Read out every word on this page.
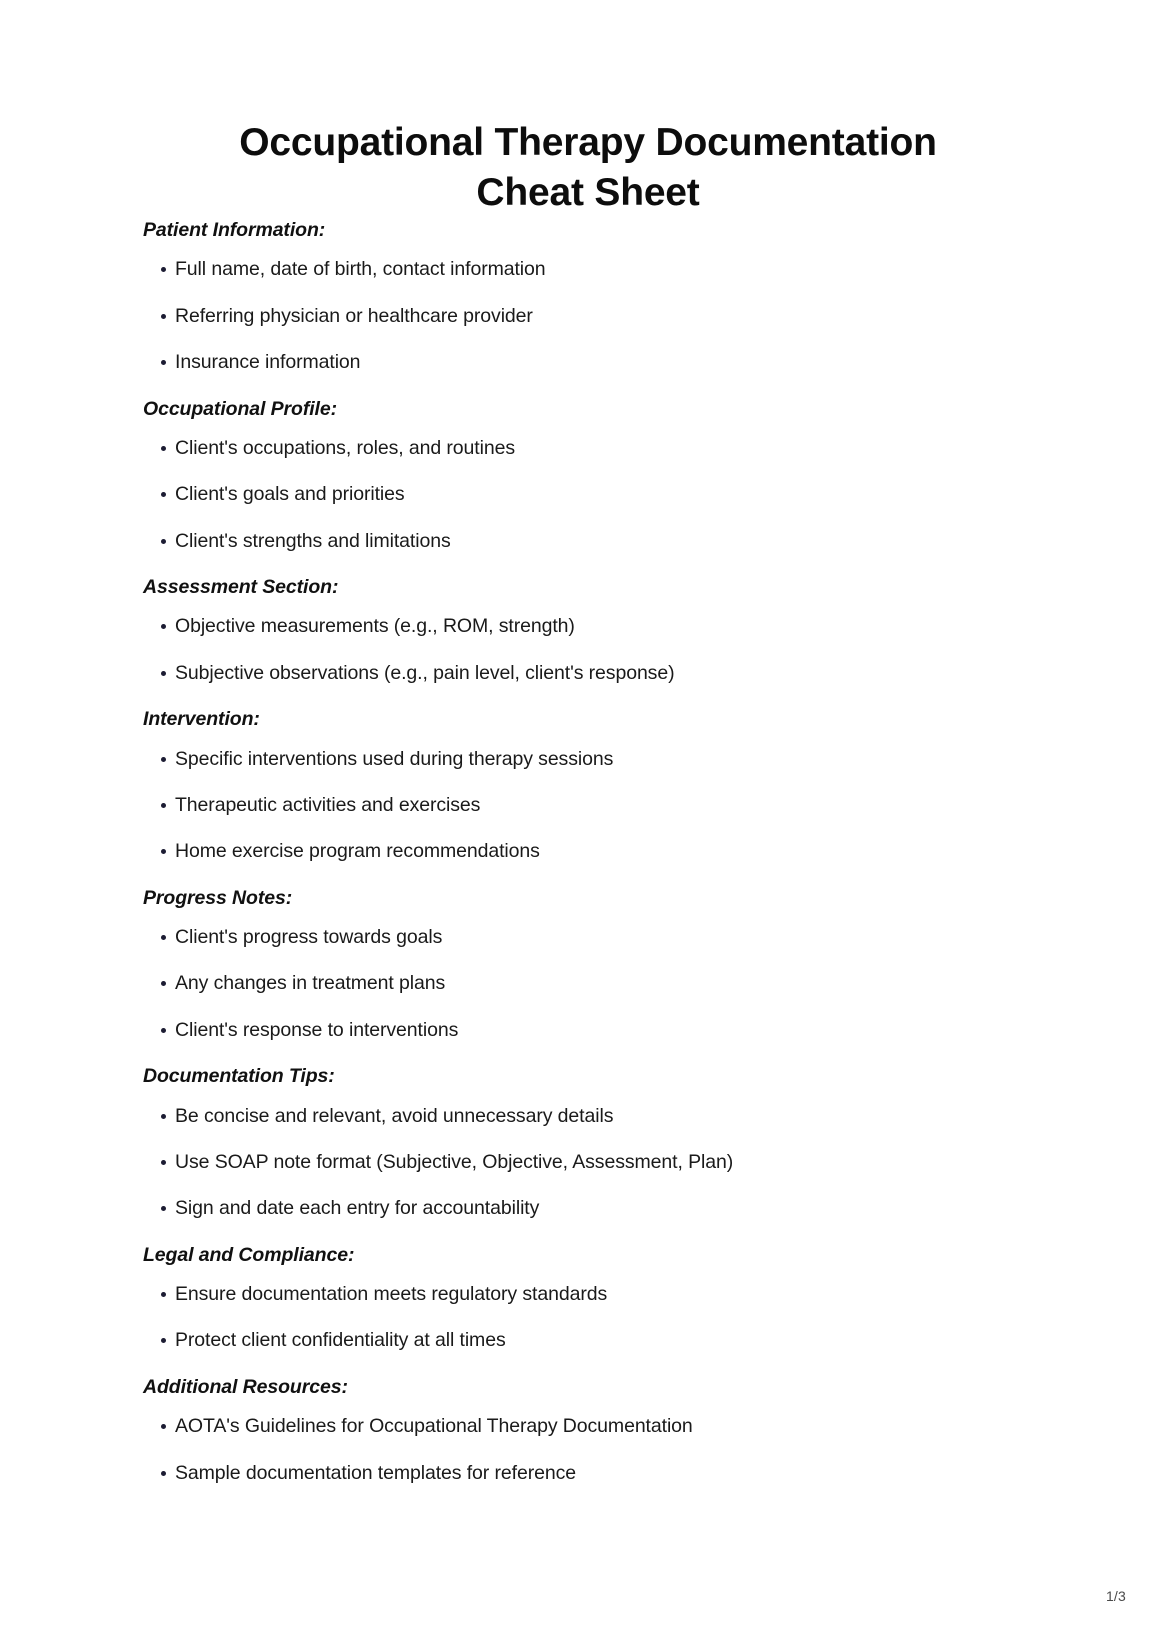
Occupational Therapy Documentation
Cheat Sheet
Patient Information:
Full name, date of birth, contact information
Referring physician or healthcare provider
Insurance information
Occupational Profile:
Client's occupations, roles, and routines
Client's goals and priorities
Client's strengths and limitations
Assessment Section:
Objective measurements (e.g., ROM, strength)
Subjective observations (e.g., pain level, client's response)
Intervention:
Specific interventions used during therapy sessions
Therapeutic activities and exercises
Home exercise program recommendations
Progress Notes:
Client's progress towards goals
Any changes in treatment plans
Client's response to interventions
Documentation Tips:
Be concise and relevant, avoid unnecessary details
Use SOAP note format (Subjective, Objective, Assessment, Plan)
Sign and date each entry for accountability
Legal and Compliance:
Ensure documentation meets regulatory standards
Protect client confidentiality at all times
Additional Resources:
AOTA's Guidelines for Occupational Therapy Documentation
Sample documentation templates for reference
1/3
